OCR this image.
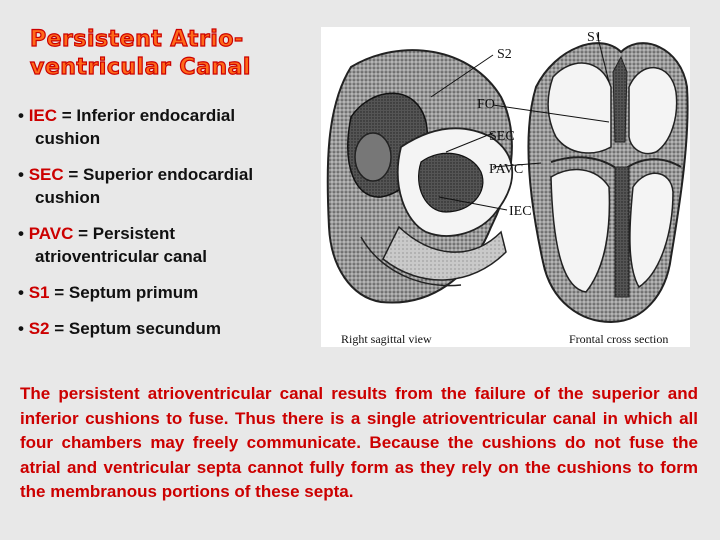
Persistent Atrio-
ventricular Canal
• IEC = Inferior endocardial
cushion
• SEC = Superior endocardial
cushion
• PAVC = Persistent
atrioventricular canal
• S1 = Septum primum
• S2 = Septum secundum
S1
S2
FO
SEC
PAVC
IEC
Right sagittal view	Frontal cross section
The persistent atrioventricular canal results from the failure of the superior and inferior cushions to fuse. Thus there is a single atrioventricular canal in which all four chambers may freely communicate. Because the cushions do not fuse the atrial and ventricular septa cannot fully form as they rely on the cushions to form the membranous portions of these septa.
